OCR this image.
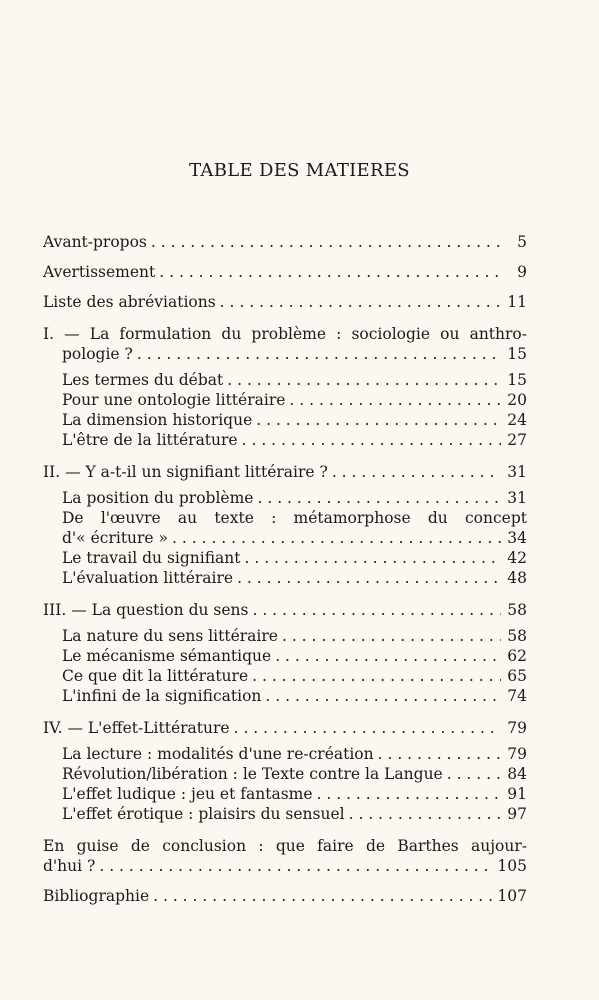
TABLE DES MATIERES
Avant-propos . . .	5
Avertissement . . .	9
Liste des abréviations . . .	11
I. — La formulation du problème : sociologie ou anthro-
pologie ? . . .	15
Les termes du débat . . .	15
Pour une ontologie littéraire . . .	20
La dimension historique . . .	24
L'être de la littérature . . .	27
II. — Y a-t-il un signifiant littéraire ? . . .	31
La position du problème . . .	31
De l'œuvre au texte : métamorphose du concept
d'« écriture » . . .	34
Le travail du signifiant . . .	42
L'évaluation littéraire . . .	48
III. — La question du sens . . .	58
La nature du sens littéraire . . .	58
Le mécanisme sémantique . . .	62
Ce que dit la littérature . . .	65
L'infini de la signification . . .	74
IV. — L'effet-Littérature . . .	79
La lecture : modalités d'une re-création . . .	79
Révolution/libération : le Texte contre la Langue . . .	84
L'effet ludique : jeu et fantasme . . .	91
L'effet érotique : plaisirs du sensuel . . .	97
En guise de conclusion : que faire de Barthes aujour-
d'hui ? . . .	105
Bibliographie . . .	107
